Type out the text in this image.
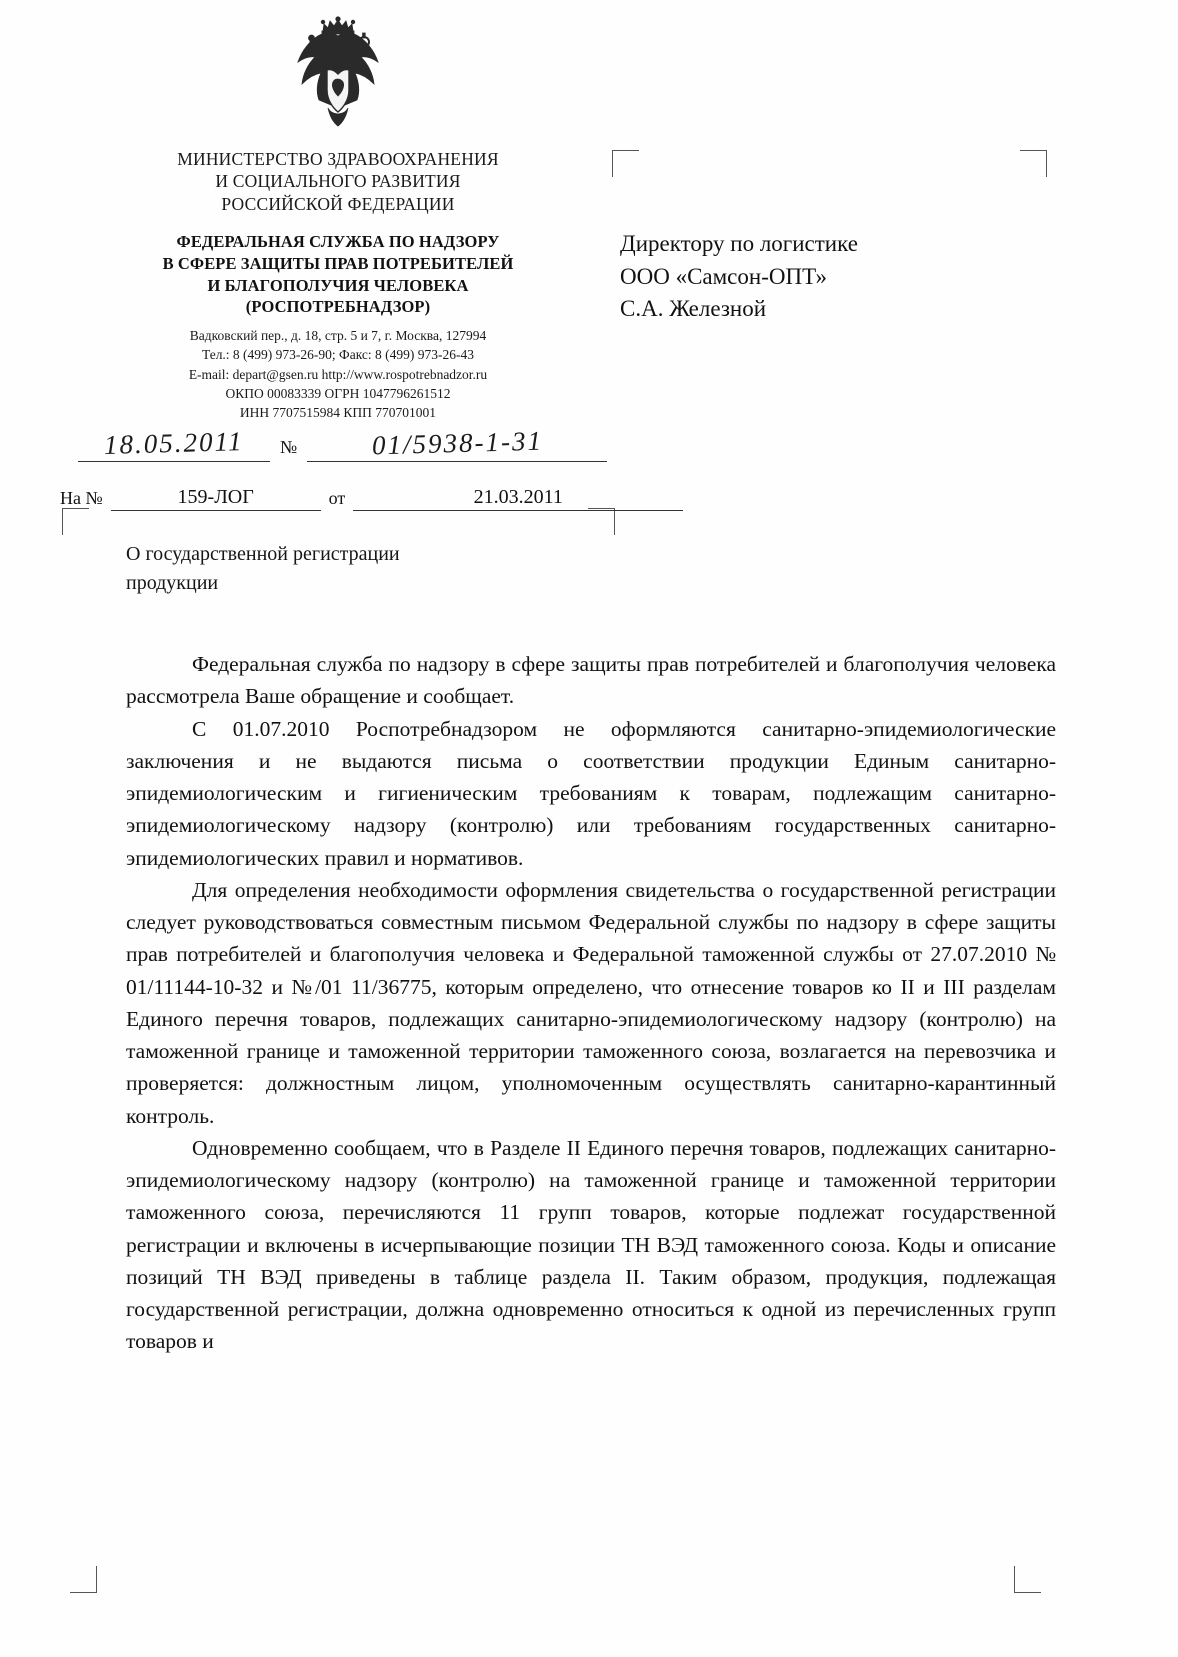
МИНИСТЕРСТВО ЗДРАВООХРАНЕНИЯ
И СОЦИАЛЬНОГО РАЗВИТИЯ
РОССИЙСКОЙ ФЕДЕРАЦИИ
ФЕДЕРАЛЬНАЯ СЛУЖБА ПО НАДЗОРУ
В СФЕРЕ ЗАЩИТЫ ПРАВ ПОТРЕБИТЕЛЕЙ
И БЛАГОПОЛУЧИЯ ЧЕЛОВЕКА
(РОСПОТРЕБНАДЗОР)
Вадковский пер., д. 18, стр. 5 и 7, г. Москва, 127994
Тел.: 8 (499) 973-26-90; Факс: 8 (499) 973-26-43
E-mail: depart@gsen.ru http://www.rospotrebnadzor.ru
ОКПО 00083339 ОГРН 1047796261512
ИНН 7707515984 КПП 770701001
Директору по логистике
ООО «Самсон-ОПТ»
С.А. Железной
18.05.2011	№	01/5938-1-31
На №	159-ЛОГ	от	21.03.2011
О государственной регистрации
продукции

Федеральная служба по надзору в сфере защиты прав потребителей и благополучия человека рассмотрела Ваше обращение и сообщает.

С 01.07.2010 Роспотребнадзором не оформляются санитарно-эпидемиологические заключения и не выдаются письма о соответствии продукции Единым санитарно-эпидемиологическим и гигиеническим требованиям к товарам, подлежащим санитарно-эпидемиологическому надзору (контролю) или требованиям государственных санитарно-эпидемиологических правил и нормативов.

Для определения необходимости оформления свидетельства о государственной регистрации следует руководствоваться совместным письмом Федеральной службы по надзору в сфере защиты прав потребителей и благополучия человека и Федеральной таможенной службы от 27.07.2010 № 01/11144-10-32 и №/01 11/36775, которым определено, что отнесение товаров ко II и III разделам Единого перечня товаров, подлежащих санитарно-эпидемиологическому надзору (контролю) на таможенной границе и таможенной территории таможенного союза, возлагается на перевозчика и проверяется: должностным лицом, уполномоченным осуществлять санитарно-карантинный контроль.

Одновременно сообщаем, что в Разделе II Единого перечня товаров, подлежащих санитарно-эпидемиологическому надзору (контролю) на таможенной границе и таможенной территории таможенного союза, перечисляются 11 групп товаров, которые подлежат государственной регистрации и включены в исчерпывающие позиции ТН ВЭД таможенного союза. Коды и описание позиций ТН ВЭД приведены в таблице раздела II. Таким образом, продукция, подлежащая государственной регистрации, должна одновременно относиться к одной из перечисленных групп товаров и
